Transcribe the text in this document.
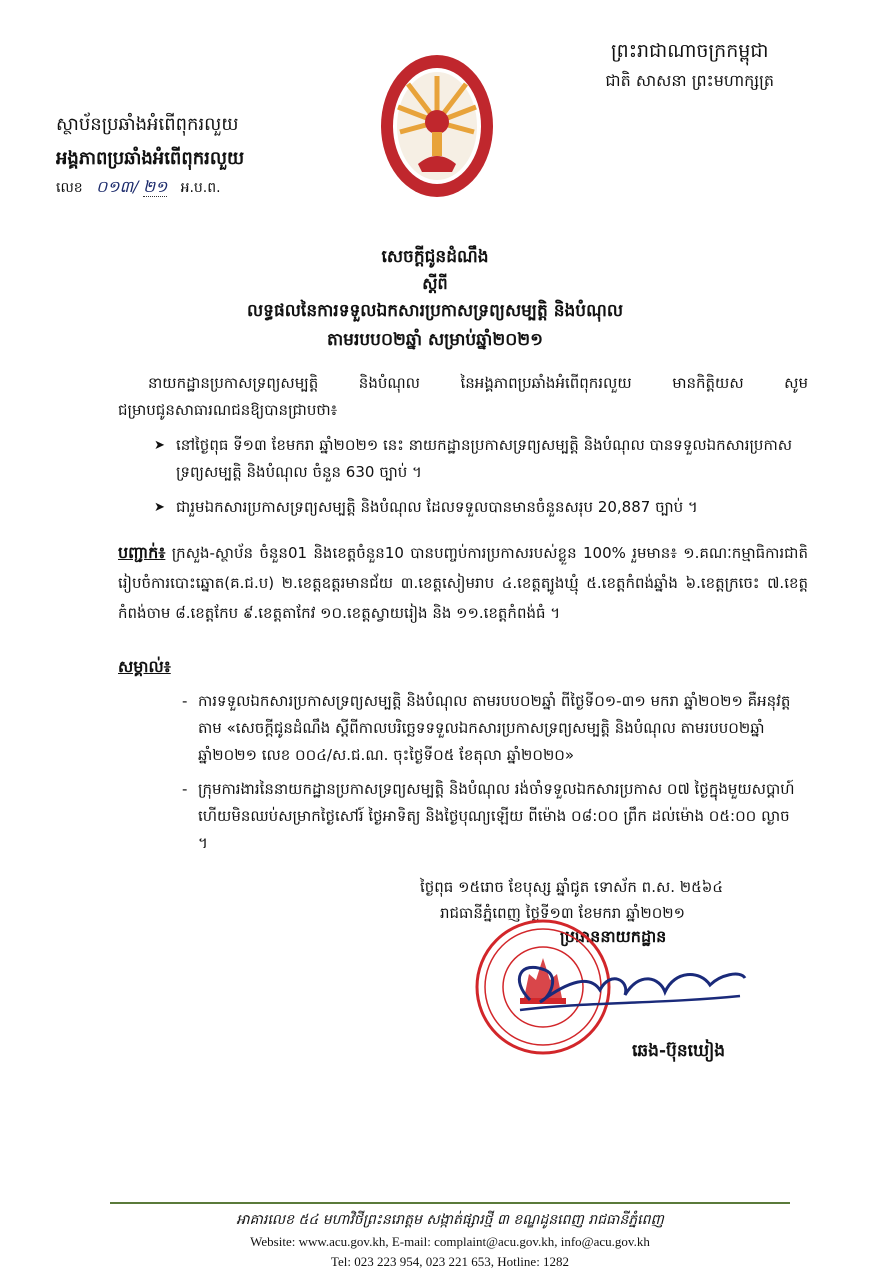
ព្រះរាជាណាចក្រកម្ពុជា
ជាតិ សាសនា ព្រះមហាក្សត្រ
ស្ថាប័នប្រឆាំងអំពើពុករលួយ
អង្គភាពប្រឆាំងអំពើពុករលួយ
លេខ ០១៣/ ២១ អ.ប.ព.
សេចក្តីជូនដំណឹង
ស្តីពី
លទ្ធផលនៃការទទួលឯកសារប្រកាសទ្រព្យសម្បត្តិ និងបំណុល
តាមរបប០២ឆ្នាំ សម្រាប់ឆ្នាំ២០២១
នាយកដ្ឋានប្រកាសទ្រព្យសម្បត្តិ និងបំណុល នៃអង្គភាពប្រឆាំងអំពើពុករលួយ មានកិត្តិយស សូមជម្រាបជូនសាធារណជនឱ្យបានជ្រាបថា៖
➤ នៅថ្ងៃពុធ ទី១៣ ខែមករា ឆ្នាំ២០២១ នេះ នាយកដ្ឋានប្រកាសទ្រព្យសម្បត្តិ និងបំណុល បានទទួលឯកសារប្រកាសទ្រព្យសម្បត្តិ និងបំណុល ចំនួន 630 ច្បាប់ ។
➤ ជារួមឯកសារប្រកាសទ្រព្យសម្បត្តិ និងបំណុល ដែលទទួលបានមានចំនួនសរុប 20,887 ច្បាប់ ។
បញ្ជាក់៖ ក្រសួង-ស្ថាប័ន ចំនួន01 និងខេត្តចំនួន10 បានបញ្ចប់ការប្រកាសរបស់ខ្លួន 100% រួមមាន៖ ១.គណៈកម្មាធិការជាតិរៀបចំការបោះឆ្នោត(គ.ជ.ប) ២.ខេត្តឧត្តរមានជ័យ ៣.ខេត្តសៀមរាប ៤.ខេត្តត្បូងឃ្មុំ ៥.ខេត្តកំពង់ឆ្នាំង ៦.ខេត្តក្រចេះ ៧.ខេត្តកំពង់ចាម ៨.ខេត្តកែប ៩.ខេត្តតាកែវ ១០.ខេត្តស្វាយរៀង និង ១១.ខេត្តកំពង់ធំ ។
សម្គាល់៖
- ការទទួលឯកសារប្រកាសទ្រព្យសម្បត្តិ និងបំណុល តាមរបប០២ឆ្នាំ ពីថ្ងៃទី០១-៣១ មករា ឆ្នាំ២០២១ គឺអនុវត្តតាម «សេចក្តីជូនដំណឹង ស្តីពីកាលបរិច្ឆេទទទួលឯកសារប្រកាសទ្រព្យសម្បត្តិ និងបំណុល តាមរបប០២ឆ្នាំ ឆ្នាំ២០២១ លេខ ០០៤/ស.ជ.ណ. ចុះថ្ងៃទី០៥ ខែតុលា ឆ្នាំ២០២០»
- ក្រុមការងារនៃនាយកដ្ឋានប្រកាសទ្រព្យសម្បត្តិ និងបំណុល រង់ចាំទទួលឯកសារប្រកាស ០៧ ថ្ងៃក្នុងមួយសប្តាហ៍ ហើយមិនឈប់សម្រាកថ្ងៃសៅរ៍ ថ្ងៃអាទិត្យ និងថ្ងៃបុណ្យឡើយ ពីម៉ោង ០៨:០០ ព្រឹក ដល់ម៉ោង ០៥:០០ ល្ងាច ។
ថ្ងៃពុធ ១៥រោច ខែបុស្ស ឆ្នាំជូត ទោស័ក ព.ស. ២៥៦៤
រាជធានីភ្នំពេញ ថ្ងៃទី១៣ ខែមករា ឆ្នាំ២០២១
ប្រធាននាយកដ្ឋាន
ឆេង-ប៊ុនឃៀង
អាគារលេខ ៥៤ មហាវិថីព្រះនរោត្តម សង្កាត់ផ្សារថ្មី ៣ ខណ្ឌដូនពេញ រាជធានីភ្នំពេញ
Website: www.acu.gov.kh, E-mail: complaint@acu.gov.kh, info@acu.gov.kh
Tel: 023 223 954, 023 221 653, Hotline: 1282
